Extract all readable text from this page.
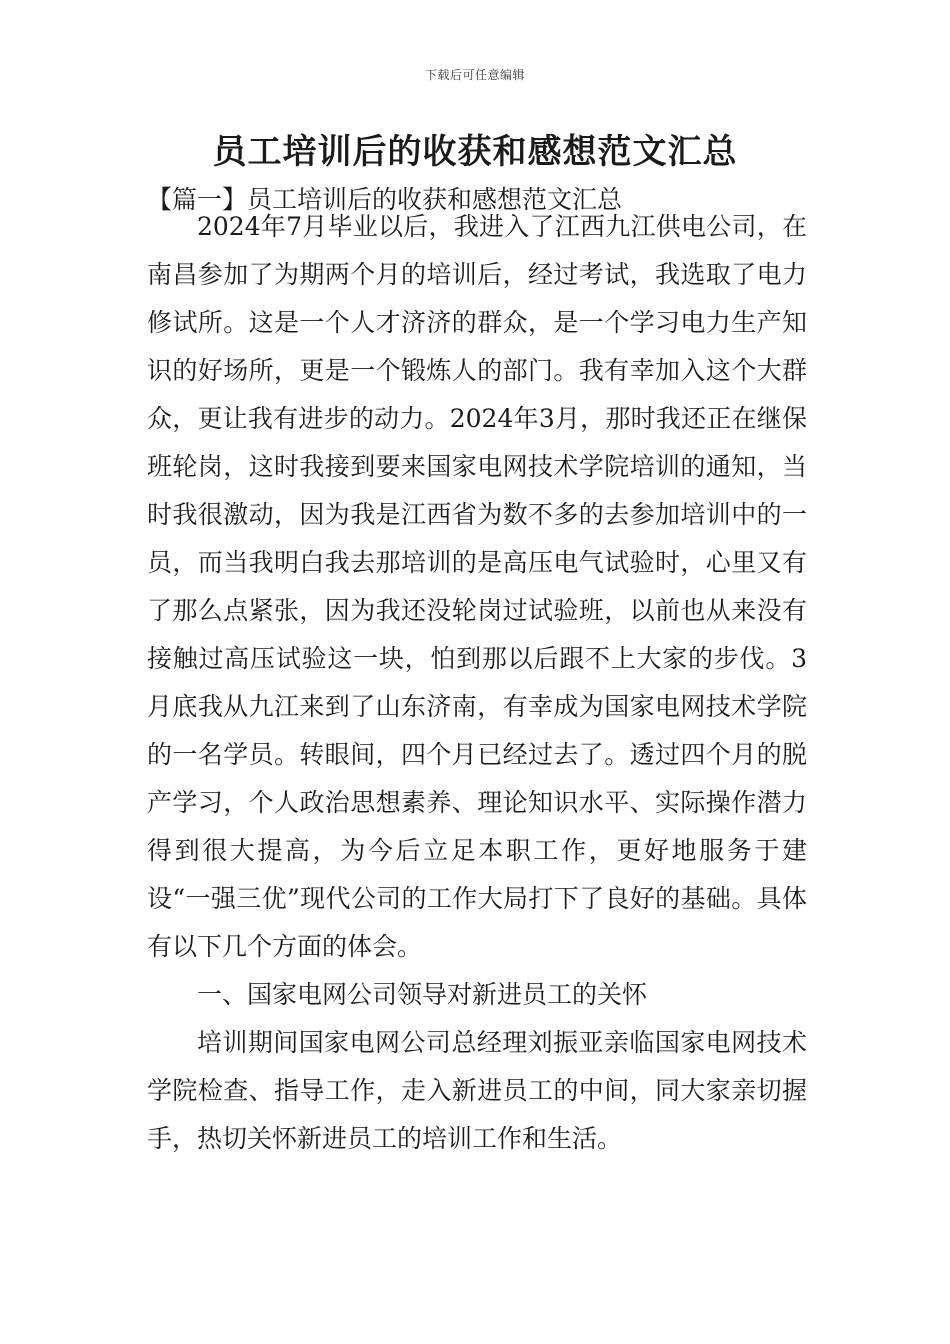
下载后可任意编辑
员工培训后的收获和感想范文汇总
【篇一】员工培训后的收获和感想范文汇总

2024年7月毕业以后，我进入了江西九江供电公司，在南昌参加了为期两个月的培训后，经过考试，我选取了电力修试所。这是一个人才济济的群众，是一个学习电力生产知识的好场所，更是一个锻炼人的部门。我有幸加入这个大群众，更让我有进步的动力。2024年3月，那时我还正在继保班轮岗，这时我接到要来国家电网技术学院培训的通知，当时我很激动，因为我是江西省为数不多的去参加培训中的一员，而当我明白我去那培训的是高压电气试验时，心里又有了那么点紧张，因为我还没轮岗过试验班，以前也从来没有接触过高压试验这一块，怕到那以后跟不上大家的步伐。3月底我从九江来到了山东济南，有幸成为国家电网技术学院的一名学员。转眼间，四个月已经过去了。透过四个月的脱产学习，个人政治思想素养、理论知识水平、实际操作潜力得到很大提高，为今后立足本职工作，更好地服务于建设“一强三优”现代公司的工作大局打下了良好的基础。具体有以下几个方面的体会。

一、国家电网公司领导对新进员工的关怀

培训期间国家电网公司总经理刘振亚亲临国家电网技术学院检查、指导工作，走入新进员工的中间，同大家亲切握手，热切关怀新进员工的培训工作和生活。
